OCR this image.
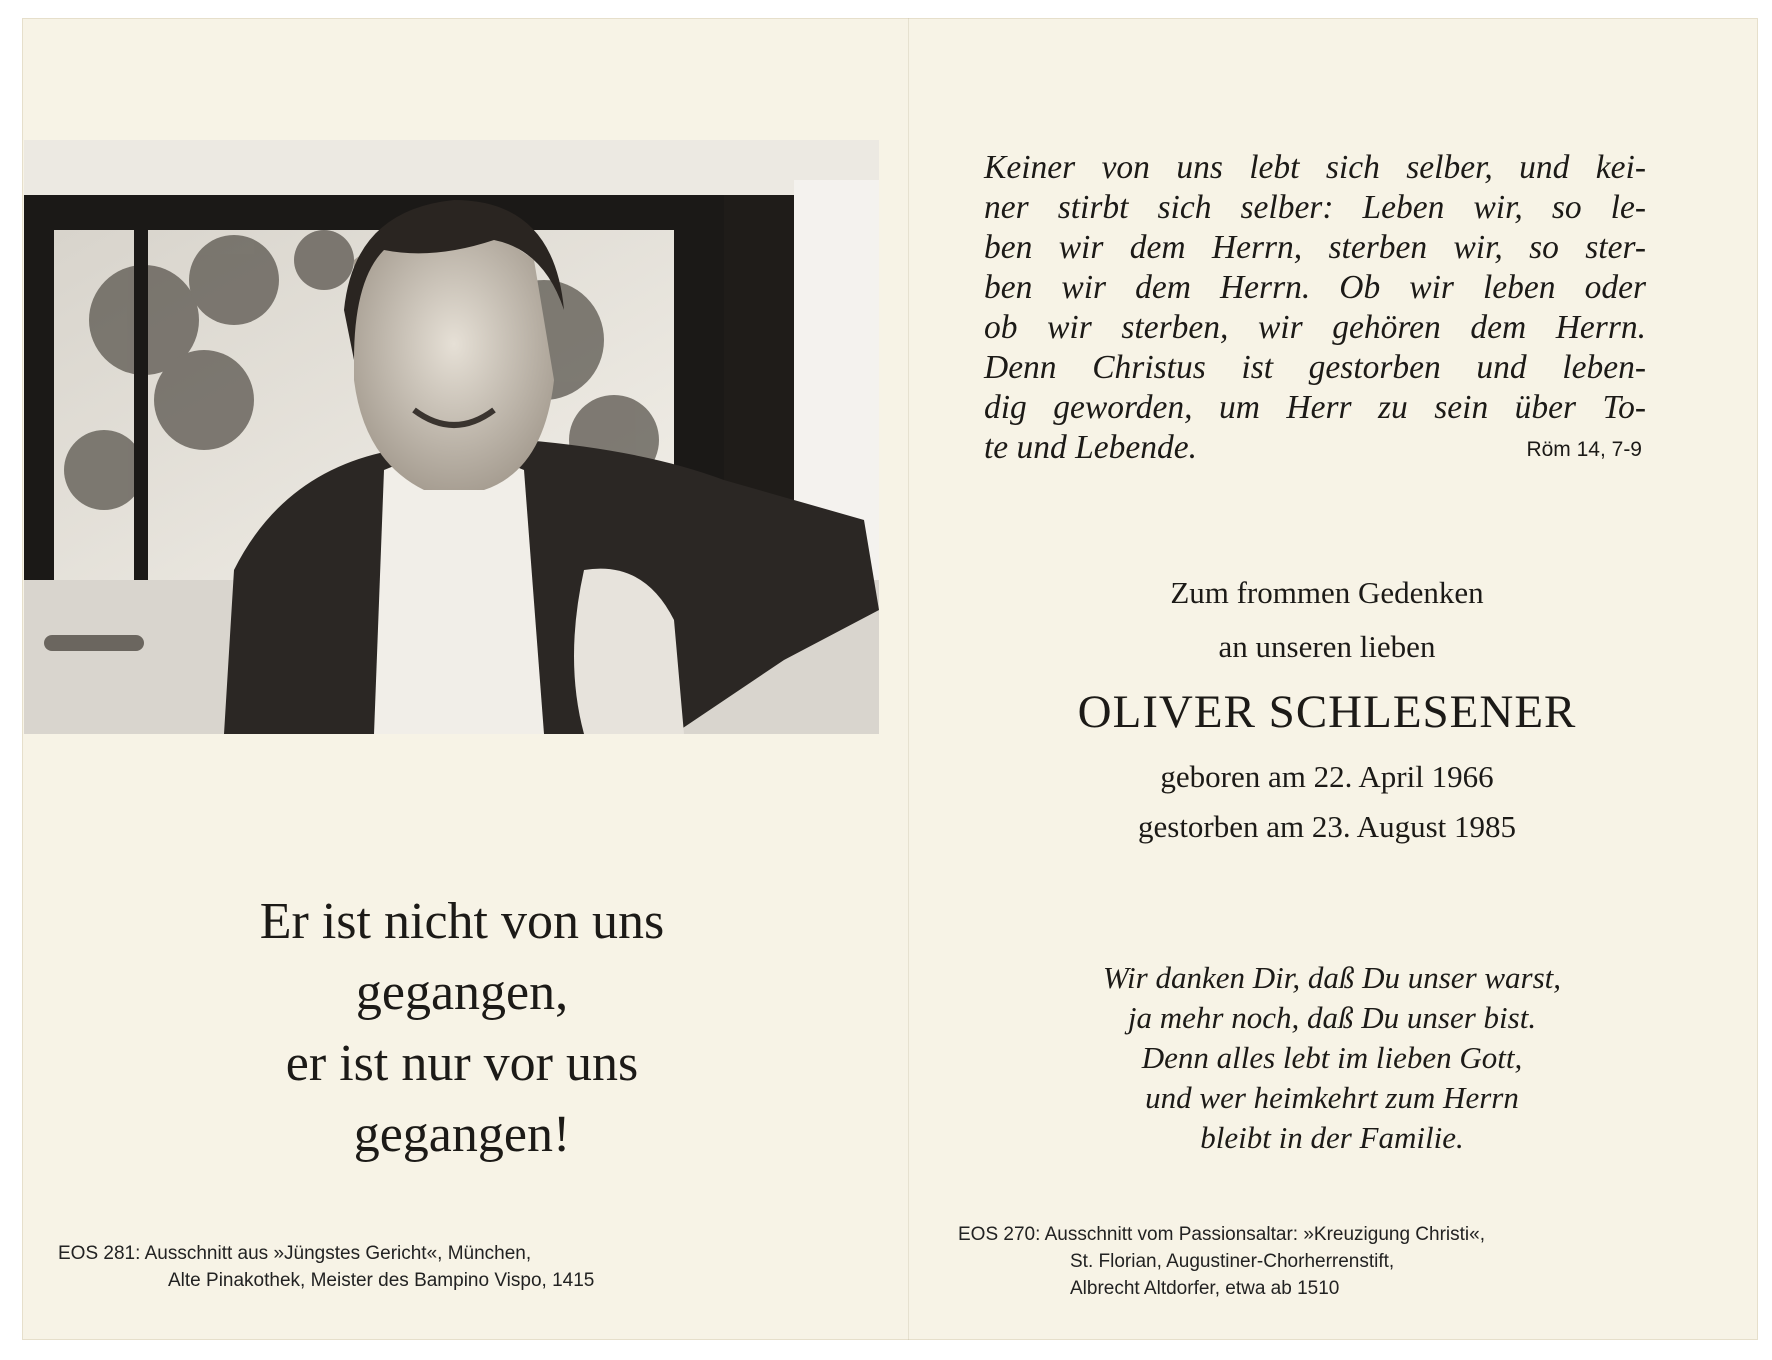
Er ist nicht von uns
gegangen,
er ist nur vor uns
gegangen!
EOS 281: Ausschnitt aus »Jüngstes Gericht«, München,
Alte Pinakothek, Meister des Bampino Vispo, 1415
Keiner von uns lebt sich selber, und kei-
ner stirbt sich selber: Leben wir, so le-
ben wir dem Herrn, sterben wir, so ster-
ben wir dem Herrn. Ob wir leben oder
ob wir sterben, wir gehören dem Herrn.
Denn Christus ist gestorben und leben-
dig geworden, um Herr zu sein über To-
te und Lebende.	Röm 14, 7-9
Zum frommen Gedenken
an unseren lieben
OLIVER SCHLESENER
geboren am 22. April 1966
gestorben am 23. August 1985
Wir danken Dir, daß Du unser warst,
ja mehr noch, daß Du unser bist.
Denn alles lebt im lieben Gott,
und wer heimkehrt zum Herrn
bleibt in der Familie.
EOS 270: Ausschnitt vom Passionsaltar: »Kreuzigung Christi«,
St. Florian, Augustiner-Chorherrenstift,
Albrecht Altdorfer, etwa ab 1510
